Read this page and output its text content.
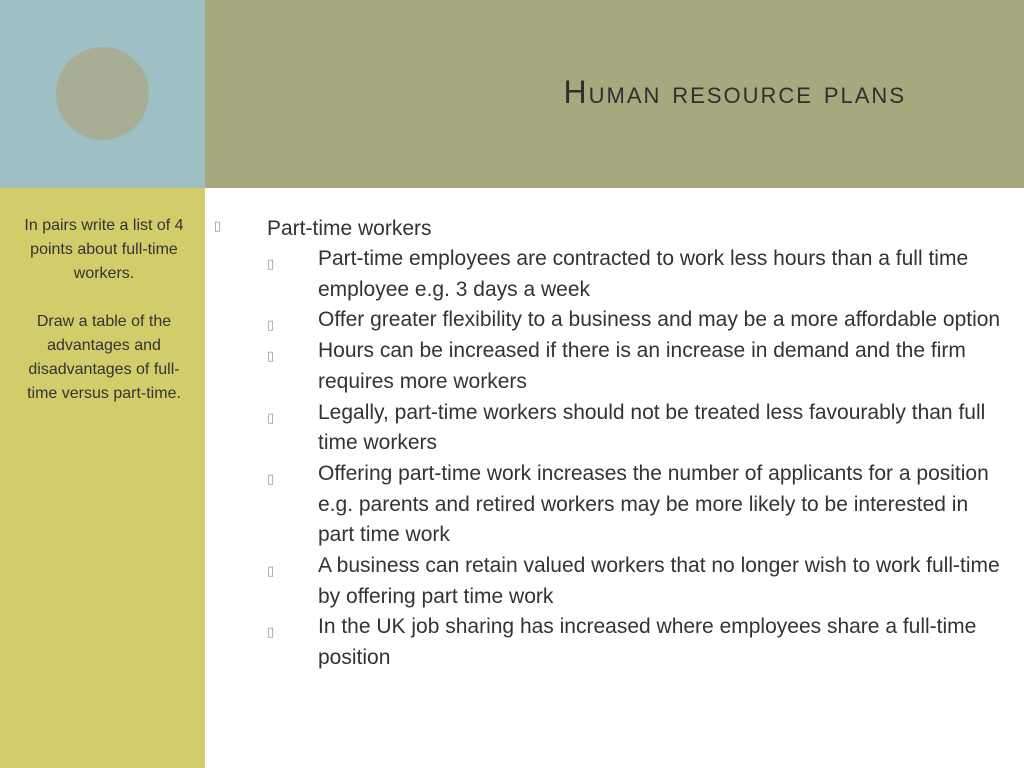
Human resource plans

In pairs write a list of 4 points about full-time workers.

Draw a table of the advantages and disadvantages of full-time versus part-time.

▯ Part-time workers
▯ Part-time employees are contracted to work less hours than a full time employee e.g. 3 days a week
▯ Offer greater flexibility to a business and may be a more affordable option
▯ Hours can be increased if there is an increase in demand and the firm requires more workers
▯ Legally, part-time workers should not be treated less favourably than full time workers
▯ Offering part-time work increases the number of applicants for a position e.g. parents and retired workers may be more likely to be interested in part time work
▯ A business can retain valued workers that no longer wish to work full-time by offering part time work
▯ In the UK job sharing has increased where employees share a full-time position
